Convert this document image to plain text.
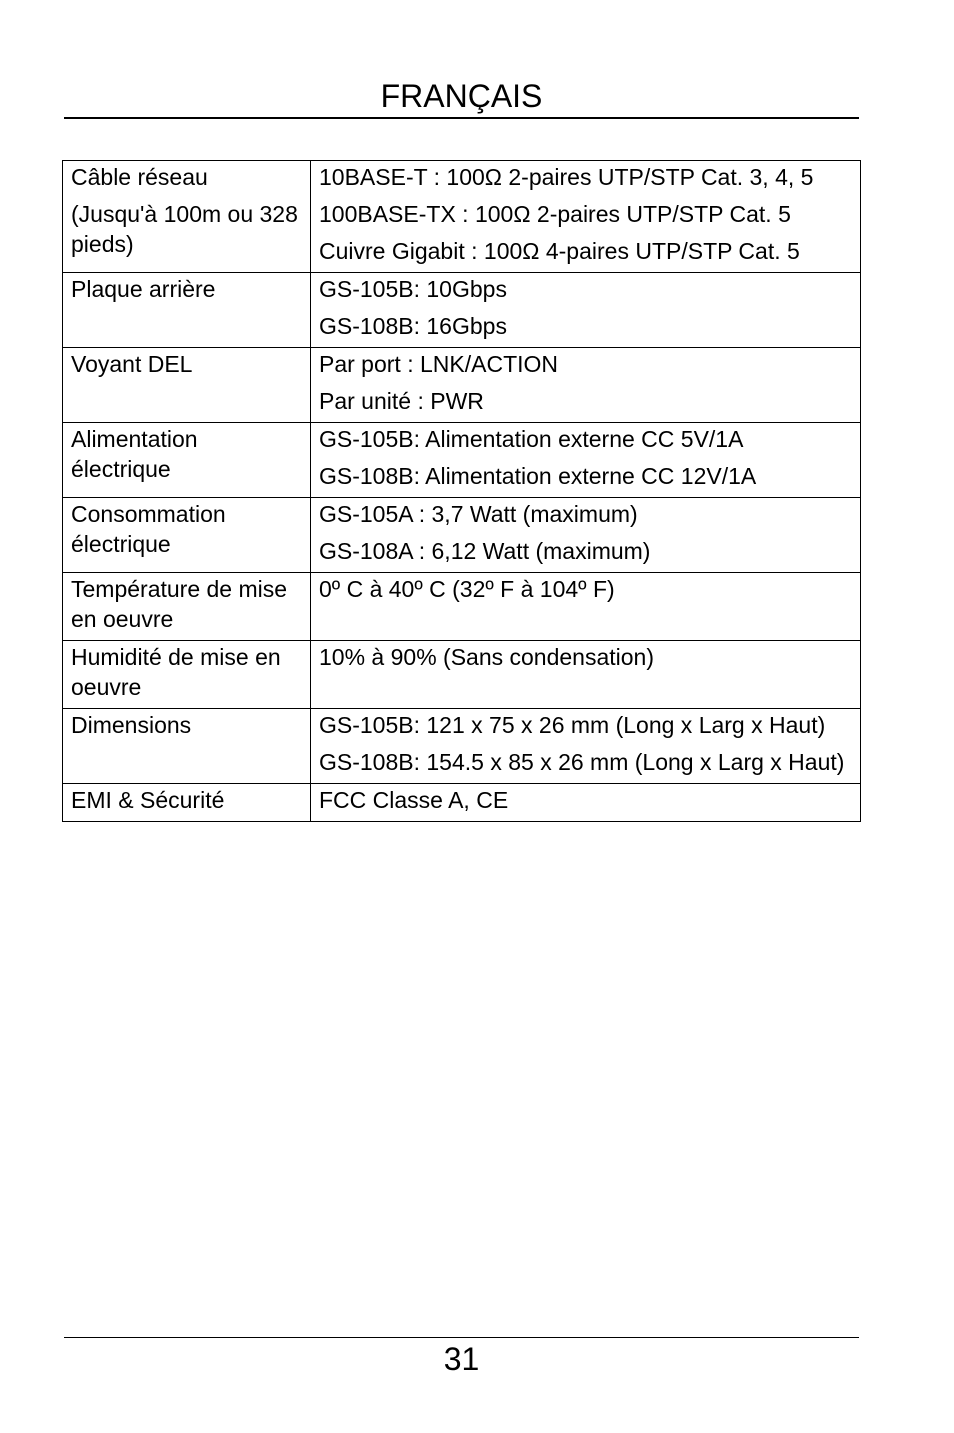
FRANÇAIS
Câble réseau
(Jusqu'à 100m ou 328 pieds)	10BASE-T : 100Ω 2-paires UTP/STP Cat. 3, 4, 5
100BASE-TX : 100Ω 2-paires UTP/STP Cat. 5
Cuivre Gigabit : 100Ω 4-paires UTP/STP Cat. 5

Plaque arrière	GS-105B: 10Gbps
GS-108B: 16Gbps

Voyant DEL	Par port : LNK/ACTION
Par unité : PWR

Alimentation électrique	GS-105B: Alimentation externe CC 5V/1A
GS-108B: Alimentation externe CC 12V/1A

Consommation électrique	GS-105A : 3,7 Watt (maximum)
GS-108A : 6,12 Watt (maximum)

Température de mise en oeuvre	0º C à 40º C (32º F à 104º F)

Humidité de mise en oeuvre	10% à 90% (Sans condensation)

Dimensions	GS-105B: 121 x 75 x 26 mm (Long x Larg x Haut)
GS-108B: 154.5 x 85 x 26 mm (Long x Larg x Haut)

EMI & Sécurité	FCC Classe A, CE
31
